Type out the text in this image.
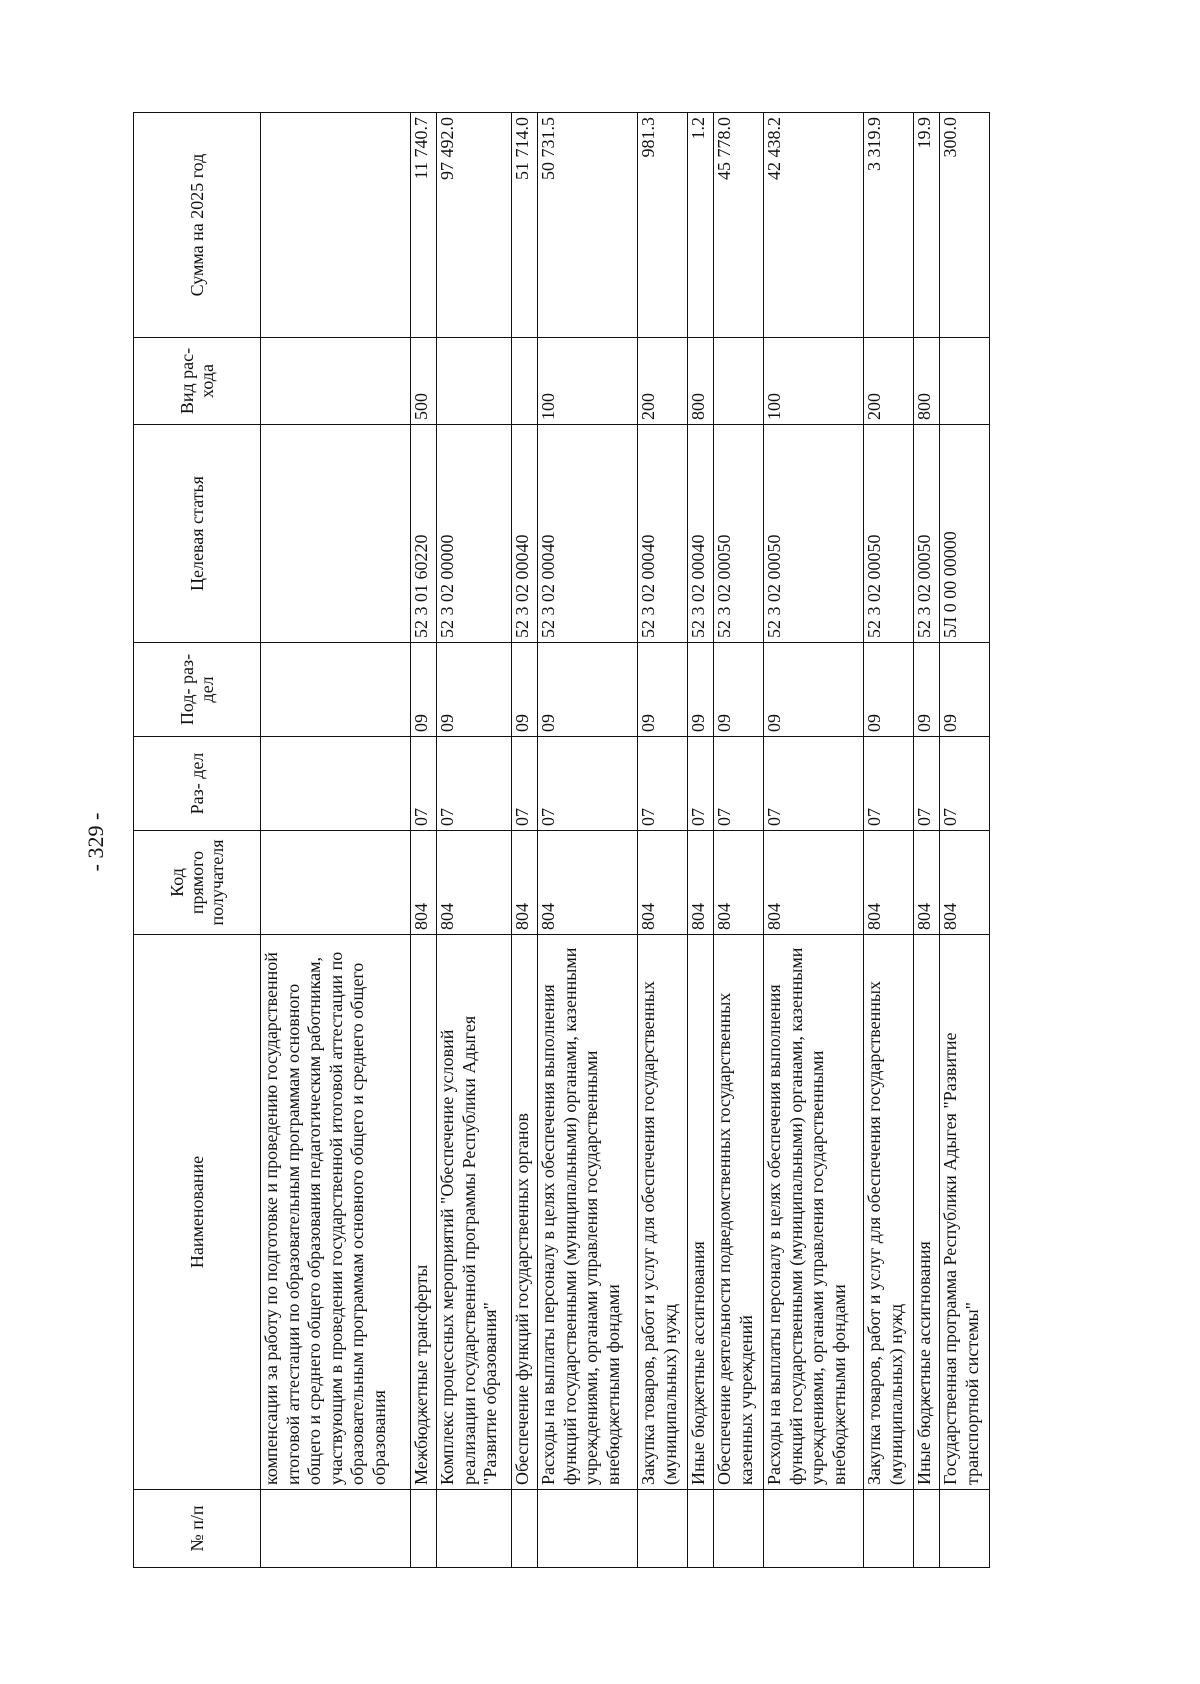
- 329 -
№ п/п	Наименование	Код прямого получателя	Раз- дел	Под- раз- дел	Целевая статья	Вид рас- хода	Сумма на 2025 год
	компенсации за работу по подготовке и проведению государственной итоговой аттестации по образовательным программам основного общего и среднего общего образования педагогическим работникам, участвующим в проведении государственной итоговой аттестации по образовательным программам основного общего и среднего общего образования						
	Межбюджетные трансферты	804	07	09	52 3 01 60220	500	11 740.7
	Комплекс процессных мероприятий "Обеспечение условий реализации государственной программы Республики Адыгея "Развитие образования"	804	07	09	52 3 02 00000		97 492.0
	Обеспечение функций государственных органов	804	07	09	52 3 02 00040		51 714.0
	Расходы на выплаты персоналу в целях обеспечения выполнения функций государственными (муниципальными) органами, казенными учреждениями, органами управления государственными внебюджетными фондами	804	07	09	52 3 02 00040	100	50 731.5
	Закупка товаров, работ и услуг для обеспечения государственных (муниципальных) нужд	804	07	09	52 3 02 00040	200	981.3
	Иные бюджетные ассигнования	804	07	09	52 3 02 00040	800	1.2
	Обеспечение деятельности подведомственных государственных казенных учреждений	804	07	09	52 3 02 00050		45 778.0
	Расходы на выплаты персоналу в целях обеспечения выполнения функций государственными (муниципальными) органами, казенными учреждениями, органами управления государственными внебюджетными фондами	804	07	09	52 3 02 00050	100	42 438.2
	Закупка товаров, работ и услуг для обеспечения государственных (муниципальных) нужд	804	07	09	52 3 02 00050	200	3 319.9
	Иные бюджетные ассигнования	804	07	09	52 3 02 00050	800	19.9
	Государственная программа Республики Адыгея "Развитие транспортной системы"	804	07	09	5Л 0 00 00000		300.0
